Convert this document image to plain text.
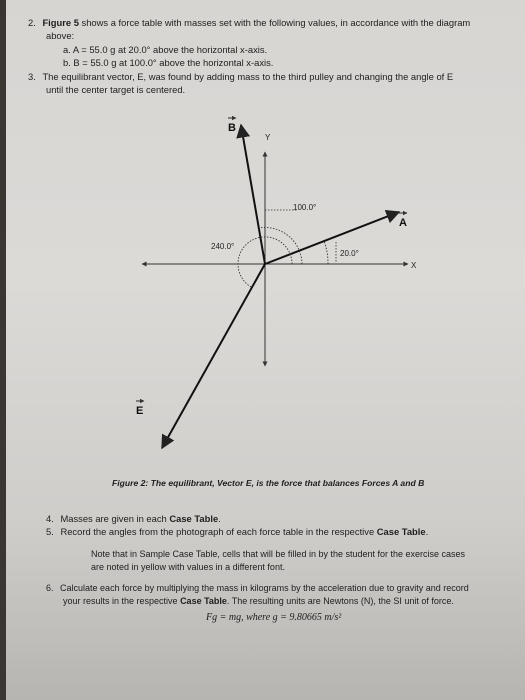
2. Figure 5 shows a force table with masses set with the following values, in accordance with the diagram
above:
a. A = 55.0 g at 20.0° above the horizontal x-axis.
b. B = 55.0 g at 100.0° above the horizontal x-axis.
3. The equilibrant vector, E, was found by adding mass to the third pulley and changing the angle of E
until the center target is centered.
B
Y
A
X
E
100.0°
240.0°
20.0°
Figure 2: The equilibrant, Vector E, is the force that balances Forces A and B
4. Masses are given in each Case Table.
5. Record the angles from the photograph of each force table in the respective Case Table.
Note that in Sample Case Table, cells that will be filled in by the student for the exercise cases
are noted in yellow with values in a different font.
6. Calculate each force by multiplying the mass in kilograms by the acceleration due to gravity and record
your results in the respective Case Table. The resulting units are Newtons (N), the SI unit of force.
Fg = mg, where g = 9.80665 m/s²
